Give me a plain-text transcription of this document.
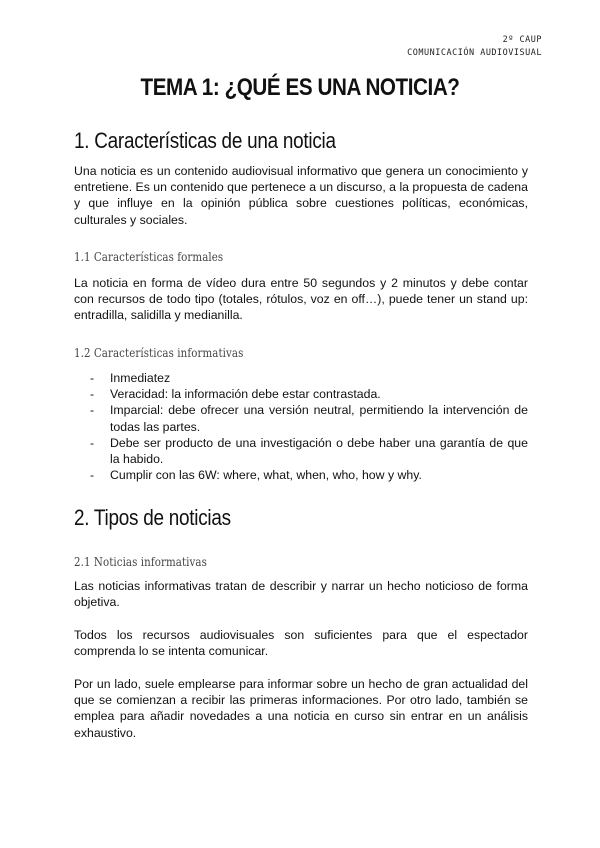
2º CAUP
COMUNICACIÓN AUDIOVISUAL
TEMA 1: ¿QUÉ ES UNA NOTICIA?
1. Características de una noticia
Una noticia es un contenido audiovisual informativo que genera un conocimiento y entretiene. Es un contenido que pertenece a un discurso, a la propuesta de cadena y que influye en la opinión pública sobre cuestiones políticas, económicas, culturales y sociales.
1.1 Características formales
La noticia en forma de vídeo dura entre 50 segundos y 2 minutos y debe contar con recursos de todo tipo (totales, rótulos, voz en off…), puede tener un stand up: entradilla, salidilla y medianilla.
1.2 Características informativas
-	Inmediatez
-	Veracidad: la información debe estar contrastada.
-	Imparcial: debe ofrecer una versión neutral, permitiendo la intervención de todas las partes.
-	Debe ser producto de una investigación o debe haber una garantía de que la habido.
-	Cumplir con las 6W: where, what, when, who, how y why.
2. Tipos de noticias
2.1 Noticias informativas
Las noticias informativas tratan de describir y narrar un hecho noticioso de forma objetiva.
Todos los recursos audiovisuales son suficientes para que el espectador comprenda lo se intenta comunicar.
Por un lado, suele emplearse para informar sobre un hecho de gran actualidad del que se comienzan a recibir las primeras informaciones. Por otro lado, también se emplea para añadir novedades a una noticia en curso sin entrar en un análisis exhaustivo.
